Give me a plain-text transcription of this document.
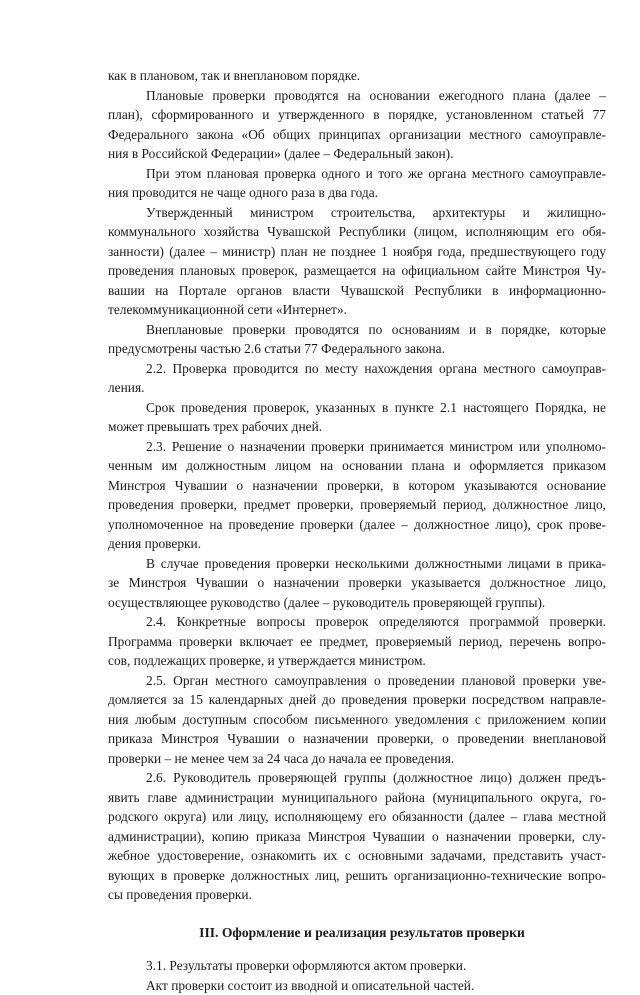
как в плановом, так и внеплановом порядке.

Плановые проверки проводятся на основании ежегодного плана (далее –
план), сформированного и утвержденного в порядке, установленном статьей 77
Федерального закона «Об общих принципах организации местного самоуправле-
ния в Российской Федерации» (далее – Федеральный закон).

При этом плановая проверка одного и того же органа местного самоуправле-
ния проводится не чаще одного раза в два года.

Утвержденный министром строительства, архитектуры и жилищно-
коммунального хозяйства Чувашской Республики (лицом, исполняющим его обя-
занности) (далее – министр) план не позднее 1 ноября года, предшествующего году
проведения плановых проверок, размещается на официальном сайте Минстроя Чу-
вашии на Портале органов власти Чувашской Республики в информационно-
телекоммуникационной сети «Интернет».

Внеплановые проверки проводятся по основаниям и в порядке, которые
предусмотрены частью 2.6 статьи 77 Федерального закона.

2.2. Проверка проводится по месту нахождения органа местного самоуправ-
ления.

Срок проведения проверок, указанных в пункте 2.1 настоящего Порядка, не
может превышать трех рабочих дней.

2.3. Решение о назначении проверки принимается министром или уполномо-
ченным им должностным лицом на основании плана и оформляется приказом
Минстроя Чувашии о назначении проверки, в котором указываются основание
проведения проверки, предмет проверки, проверяемый период, должностное лицо,
уполномоченное на проведение проверки (далее – должностное лицо), срок прове-
дения проверки.

В случае проведения проверки несколькими должностными лицами в прика-
зе Минстроя Чувашии о назначении проверки указывается должностное лицо,
осуществляющее руководство (далее – руководитель проверяющей группы).

2.4. Конкретные вопросы проверок определяются программой проверки.
Программа проверки включает ее предмет, проверяемый период, перечень вопро-
сов, подлежащих проверке, и утверждается министром.

2.5. Орган местного самоуправления о проведении плановой проверки уве-
домляется за 15 календарных дней до проведения проверки посредством направле-
ния любым доступным способом письменного уведомления с приложением копии
приказа Минстроя Чувашии о назначении проверки, о проведении внеплановой
проверки – не менее чем за 24 часа до начала ее проведения.

2.6. Руководитель проверяющей группы (должностное лицо) должен предъ-
явить главе администрации муниципального района (муниципального округа, го-
родского округа) или лицу, исполняющему его обязанности (далее – глава местной
администрации), копию приказа Минстроя Чувашии о назначении проверки, слу-
жебное удостоверение, ознакомить их с основными задачами, представить участ-
вующих в проверке должностных лиц, решить организационно-технические вопро-
сы проведения проверки.

III. Оформление и реализация результатов проверки
3.1. Результаты проверки оформляются актом проверки.
Акт проверки состоит из вводной и описательной частей.
